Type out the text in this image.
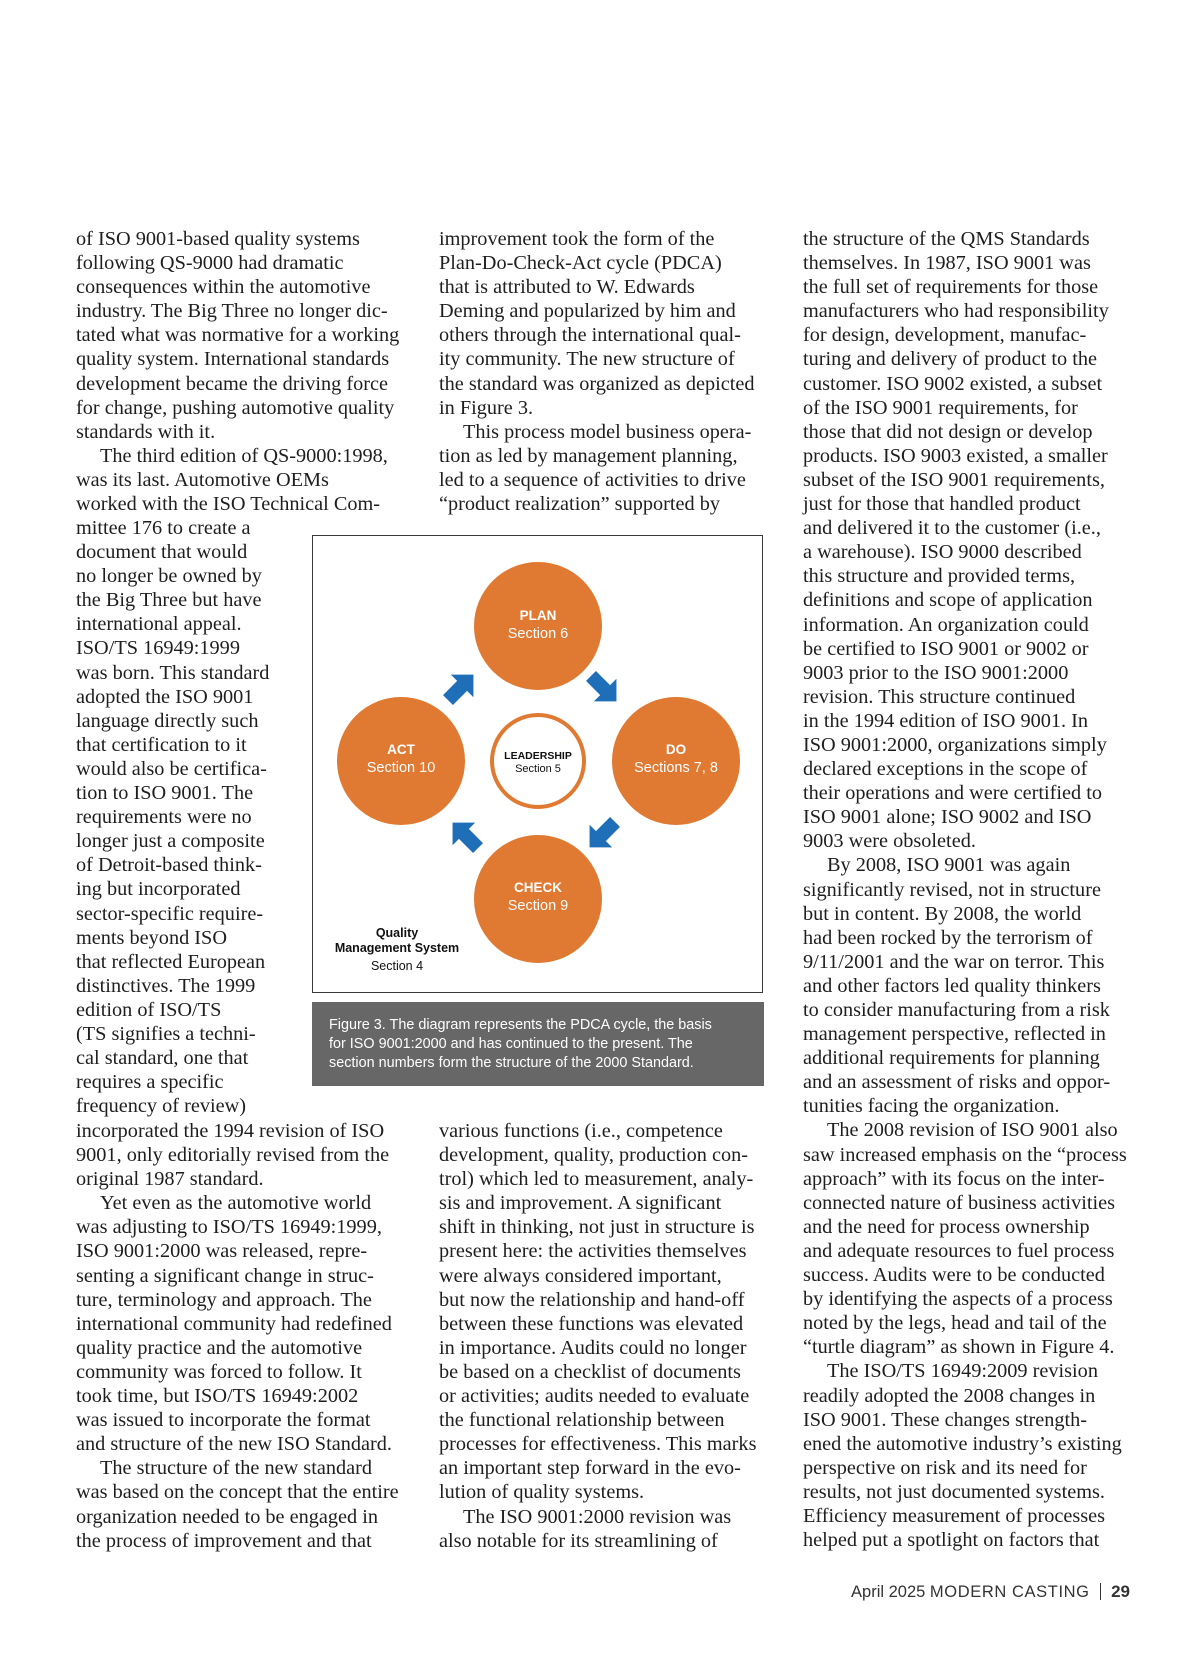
of ISO 9001-based quality systems
following QS-9000 had dramatic
consequences within the automotive
industry. The Big Three no longer dic-
tated what was normative for a working
quality system. International standards
development became the driving force
for change, pushing automotive quality
standards with it.
The third edition of QS-9000:1998,
was its last. Automotive OEMs
worked with the ISO Technical Com-
mittee 176 to create a
document that would
no longer be owned by
the Big Three but have
international appeal.
ISO/TS 16949:1999
was born. This standard
adopted the ISO 9001
language directly such
that certification to it
would also be certifica-
tion to ISO 9001. The
requirements were no
longer just a composite
of Detroit-based think-
ing but incorporated
sector-specific require-
ments beyond ISO
that reflected European
distinctives. The 1999
edition of ISO/TS
(TS signifies a techni-
cal standard, one that
requires a specific
frequency of review)
incorporated the 1994 revision of ISO
9001, only editorially revised from the
original 1987 standard.
Yet even as the automotive world
was adjusting to ISO/TS 16949:1999,
ISO 9001:2000 was released, repre-
senting a significant change in struc-
ture, terminology and approach. The
international community had redefined
quality practice and the automotive
community was forced to follow. It
took time, but ISO/TS 16949:2002
was issued to incorporate the format
and structure of the new ISO Standard.
The structure of the new standard
was based on the concept that the entire
organization needed to be engaged in
the process of improvement and that
improvement took the form of the
Plan-Do-Check-Act cycle (PDCA)
that is attributed to W. Edwards
Deming and popularized by him and
others through the international qual-
ity community. The new structure of
the standard was organized as depicted
in Figure 3.
This process model business opera-
tion as led by management planning,
led to a sequence of activities to drive
“product realization” supported by
various functions (i.e., competence
development, quality, production con-
trol) which led to measurement, analy-
sis and improvement. A significant
shift in thinking, not just in structure is
present here: the activities themselves
were always considered important,
but now the relationship and hand-off
between these functions was elevated
in importance. Audits could no longer
be based on a checklist of documents
or activities; audits needed to evaluate
the functional relationship between
processes for effectiveness. This marks
an important step forward in the evo-
lution of quality systems.
The ISO 9001:2000 revision was
also notable for its streamlining of
the structure of the QMS Standards
themselves. In 1987, ISO 9001 was
the full set of requirements for those
manufacturers who had responsibility
for design, development, manufac-
turing and delivery of product to the
customer. ISO 9002 existed, a subset
of the ISO 9001 requirements, for
those that did not design or develop
products. ISO 9003 existed, a smaller
subset of the ISO 9001 requirements,
just for those that handled product
and delivered it to the customer (i.e.,
a warehouse). ISO 9000 described
this structure and provided terms,
definitions and scope of application
information. An organization could
be certified to ISO 9001 or 9002 or
9003 prior to the ISO 9001:2000
revision. This structure continued
in the 1994 edition of ISO 9001. In
ISO 9001:2000, organizations simply
declared exceptions in the scope of
their operations and were certified to
ISO 9001 alone; ISO 9002 and ISO
9003 were obsoleted.
By 2008, ISO 9001 was again
significantly revised, not in structure
but in content. By 2008, the world
had been rocked by the terrorism of
9/11/2001 and the war on terror. This
and other factors led quality thinkers
to consider manufacturing from a risk
management perspective, reflected in
additional requirements for planning
and an assessment of risks and oppor-
tunities facing the organization.
The 2008 revision of ISO 9001 also
saw increased emphasis on the “process
approach” with its focus on the inter-
connected nature of business activities
and the need for process ownership
and adequate resources to fuel process
success. Audits were to be conducted
by identifying the aspects of a process
noted by the legs, head and tail of the
“turtle diagram” as shown in Figure 4.
The ISO/TS 16949:2009 revision
readily adopted the 2008 changes in
ISO 9001. These changes strength-
ened the automotive industry’s existing
perspective on risk and its need for
results, not just documented systems.
Efficiency measurement of processes
helped put a spotlight on factors that
PLAN
Section 6
DO
Sections 7, 8
CHECK
Section 9
ACT
Section 10
LEADERSHIP
Section 5
Quality
Management System
Section 4
Figure 3. The diagram represents the PDCA cycle, the basis
for ISO 9001:2000 and has continued to the present. The
section numbers form the structure of the 2000 Standard.
April 2025 MODERN CASTING 29
